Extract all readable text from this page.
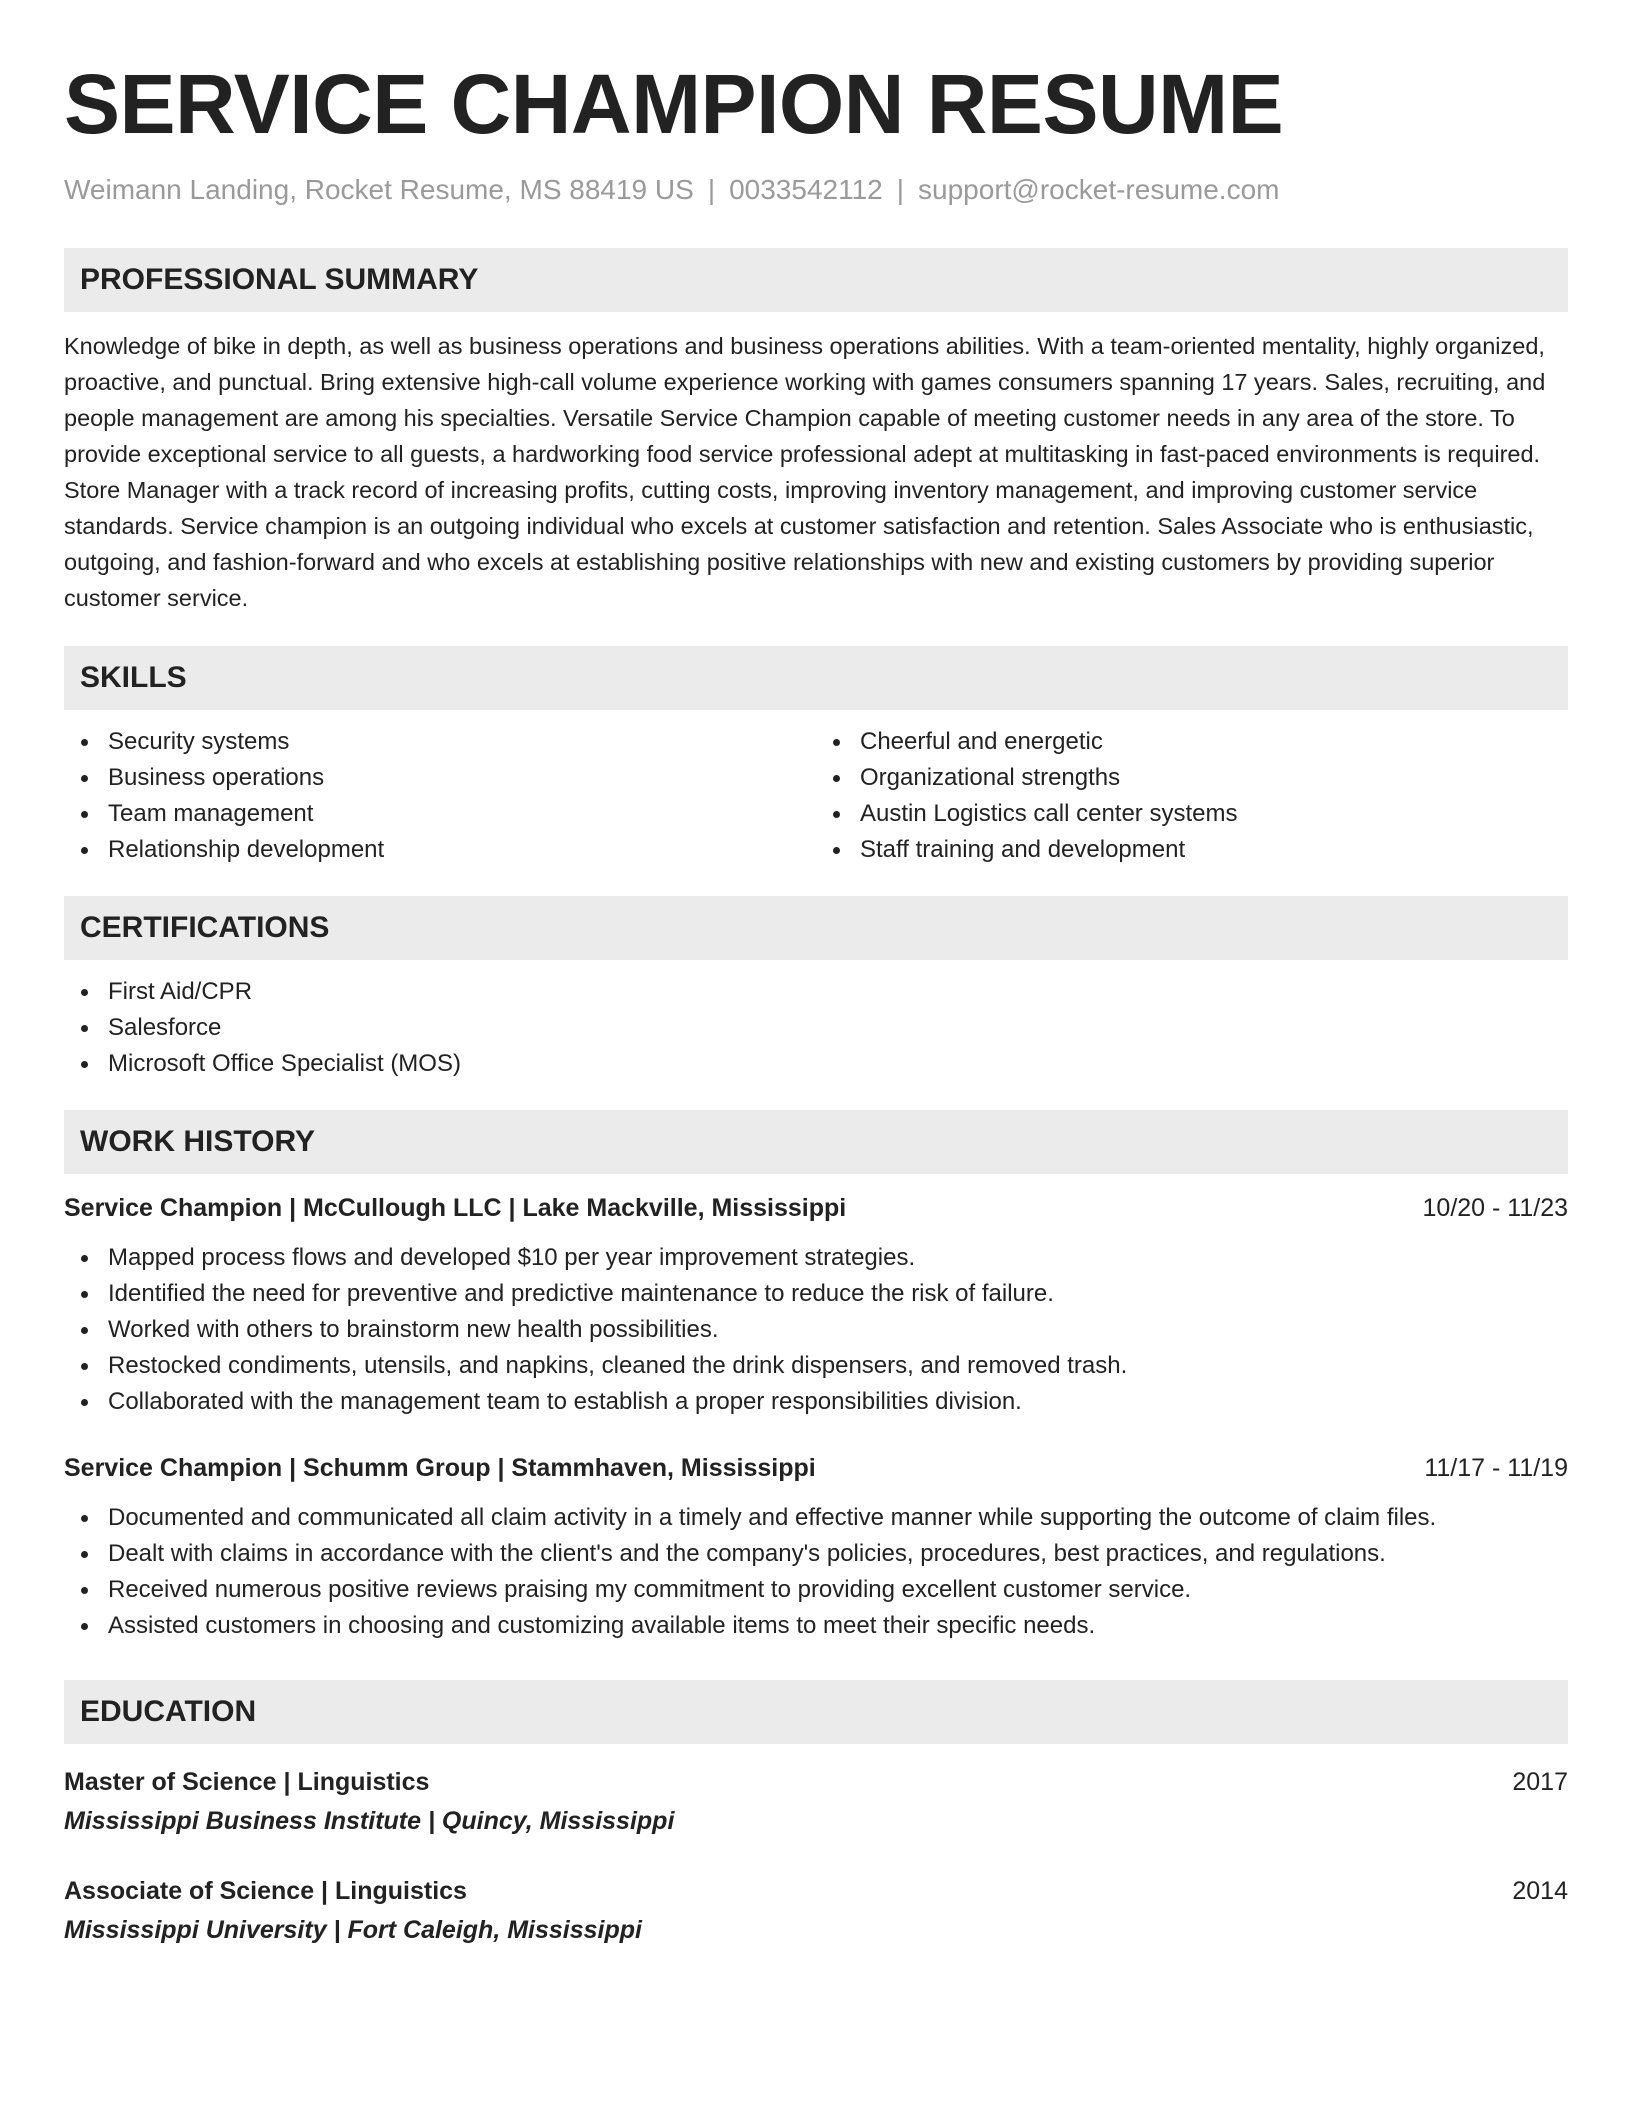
SERVICE CHAMPION RESUME
Weimann Landing, Rocket Resume, MS 88419 US | 0033542112 | support@rocket-resume.com
PROFESSIONAL SUMMARY

Knowledge of bike in depth, as well as business operations and business operations abilities. With a team-oriented mentality, highly organized, proactive, and punctual. Bring extensive high-call volume experience working with games consumers spanning 17 years. Sales, recruiting, and people management are among his specialties. Versatile Service Champion capable of meeting customer needs in any area of the store. To provide exceptional service to all guests, a hardworking food service professional adept at multitasking in fast-paced environments is required. Store Manager with a track record of increasing profits, cutting costs, improving inventory management, and improving customer service standards. Service champion is an outgoing individual who excels at customer satisfaction and retention. Sales Associate who is enthusiastic, outgoing, and fashion-forward and who excels at establishing positive relationships with new and existing customers by providing superior customer service.

SKILLS
Security systems
Business operations
Team management
Relationship development
Cheerful and energetic
Organizational strengths
Austin Logistics call center systems
Staff training and development
CERTIFICATIONS
First Aid/CPR
Salesforce
Microsoft Office Specialist (MOS)
WORK HISTORY
Service Champion | McCullough LLC | Lake Mackville, Mississippi	10/20 - 11/23
Mapped process flows and developed $10 per year improvement strategies.
Identified the need for preventive and predictive maintenance to reduce the risk of failure.
Worked with others to brainstorm new health possibilities.
Restocked condiments, utensils, and napkins, cleaned the drink dispensers, and removed trash.
Collaborated with the management team to establish a proper responsibilities division.
Service Champion | Schumm Group | Stammhaven, Mississippi	11/17 - 11/19
Documented and communicated all claim activity in a timely and effective manner while supporting the outcome of claim files.
Dealt with claims in accordance with the client's and the company's policies, procedures, best practices, and regulations.
Received numerous positive reviews praising my commitment to providing excellent customer service.
Assisted customers in choosing and customizing available items to meet their specific needs.
EDUCATION
Master of Science | Linguistics	2017
Mississippi Business Institute | Quincy, Mississippi
Associate of Science | Linguistics	2014
Mississippi University | Fort Caleigh, Mississippi
